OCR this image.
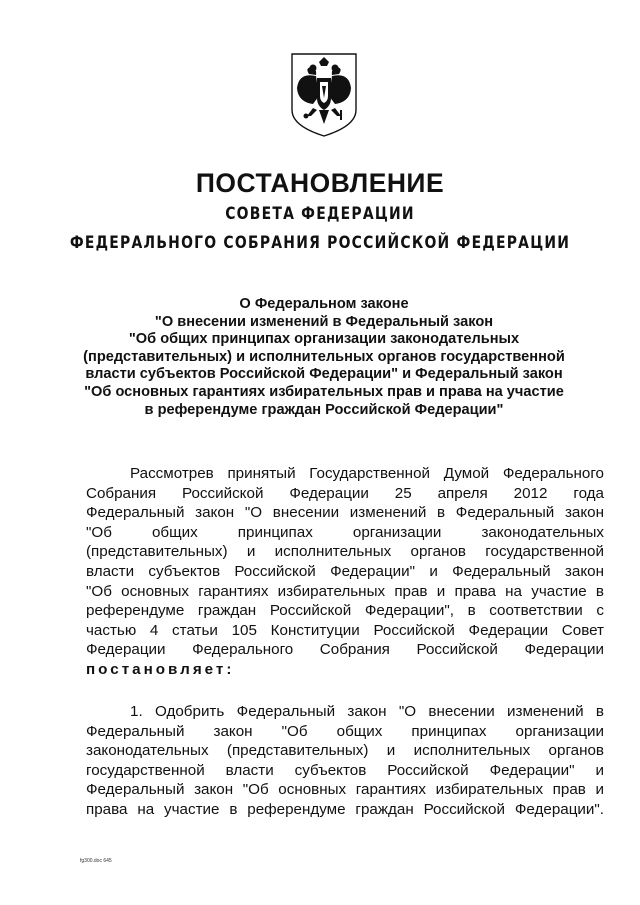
ПОСТАНОВЛЕНИЕ
СОВЕТА ФЕДЕРАЦИИ
ФЕДЕРАЛЬНОГО СОБРАНИЯ РОССИЙСКОЙ ФЕДЕРАЦИИ
О Федеральном законе
"О внесении изменений в Федеральный закон
"Об общих принципах организации законодательных
(представительных) и исполнительных органов государственной
власти субъектов Российской Федерации" и Федеральный закон
"Об основных гарантиях избирательных прав и права на участие
в референдуме граждан Российской Федерации"
Рассмотрев принятый Государственной Думой Федерального
Собрания Российской Федерации 25 апреля 2012 года
Федеральный закон "О внесении изменений в Федеральный закон
"Об общих принципах организации законодательных
(представительных) и исполнительных органов государственной
власти субъектов Российской Федерации" и Федеральный закон
"Об основных гарантиях избирательных прав и права на участие в
референдуме граждан Российской Федерации", в соответствии с
частью 4 статьи 105 Конституции Российской Федерации Совет
Федерации Федерального Собрания Российской Федерации
постановляет:
1. Одобрить Федеральный закон "О внесении изменений в
Федеральный закон "Об общих принципах организации
законодательных (представительных) и исполнительных органов
государственной власти субъектов Российской Федерации" и
Федеральный закон "Об основных гарантиях избирательных прав и
права на участие в референдуме граждан Российской Федерации".
fg300.doc 645
